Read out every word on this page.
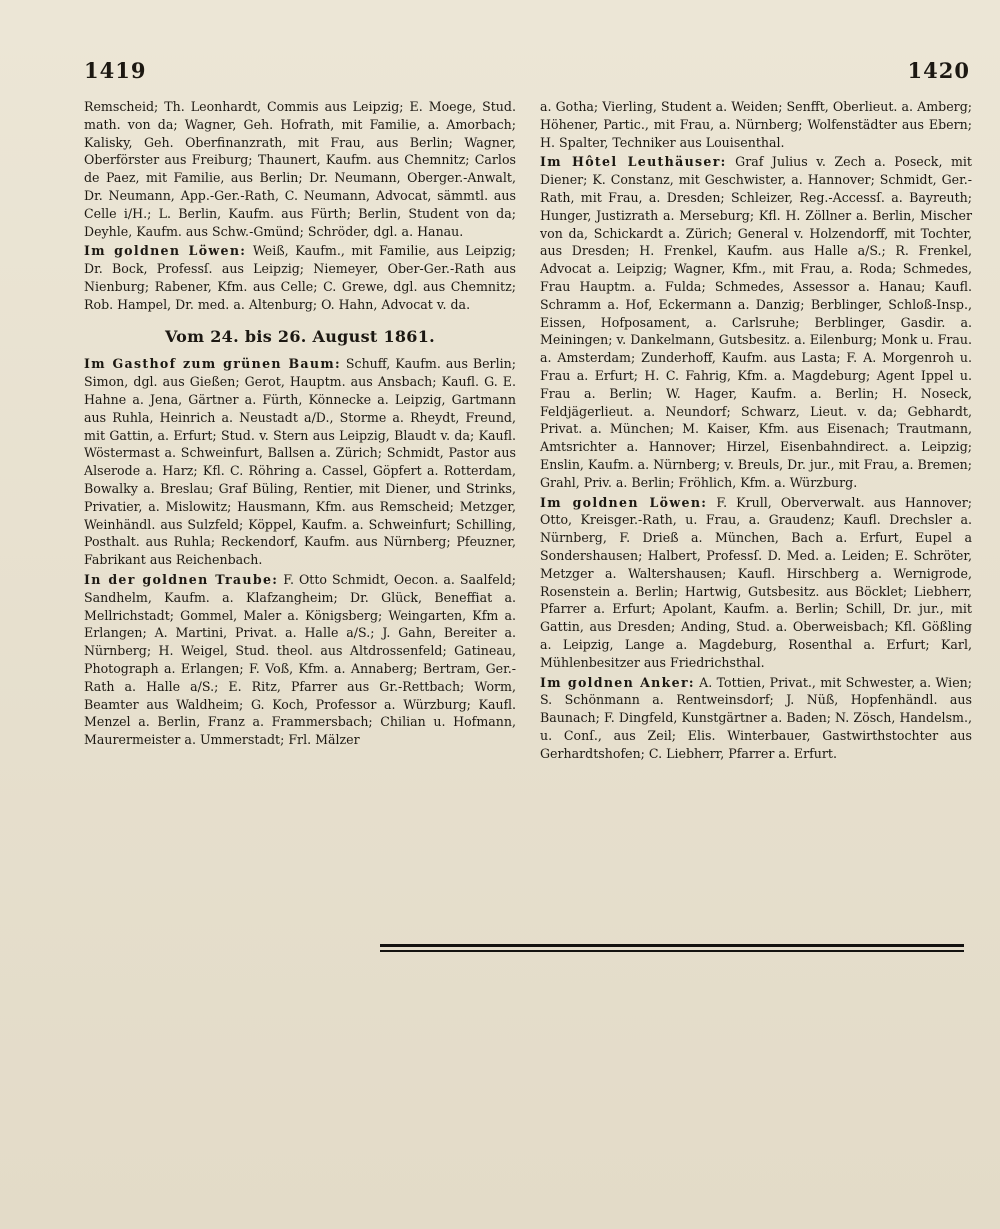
1419	1420

Remscheid; Th. Leonhardt, Commis aus Leipzig; E. Moege, Stud. math. von da; Wagner, Geh. Hofrath, mit Familie, a. Amorbach; Kalisky, Geh. Oberfinanzrath, mit Frau, aus Berlin; Wagner, Oberförster aus Freiburg; Thaunert, Kaufm. aus Chemnitz; Carlos de Paez, mit Familie, aus Berlin; Dr. Neumann, Oberger.-Anwalt, Dr. Neumann, App.-Ger.-Rath, C. Neumann, Advocat, sämmtl. aus Celle i/H.; L. Berlin, Kaufm. aus Fürth; Berlin, Student von da; Deyhle, Kaufm. aus Schw.-Gmünd; Schröder, dgl. a. Hanau.

Im goldnen Löwen: Weiß, Kaufm., mit Familie, aus Leipzig; Dr. Bock, Professſ. aus Leipzig; Niemeyer, Ober-Ger.-Rath aus Nienburg; Rabener, Kfm. aus Celle; C. Grewe, dgl. aus Chemnitz; Rob. Hampel, Dr. med. a. Altenburg; O. Hahn, Advocat v. da.

Vom 24. bis 26. August 1861.

Im Gasthof zum grünen Baum: Schuff, Kaufm. aus Berlin; Simon, dgl. aus Gießen; Gerot, Hauptm. aus Ansbach; Kaufl. G. E. Hahne a. Jena, Gärtner a. Fürth, Könnecke a. Leipzig, Gartmann aus Ruhla, Heinrich a. Neustadt a/D., Storme a. Rheydt, Freund, mit Gattin, a. Erfurt; Stud. v. Stern aus Leipzig, Blaudt v. da; Kaufl. Wöstermast a. Schweinfurt, Ballsen a. Zürich; Schmidt, Pastor aus Alserode a. Harz; Kfl. C. Röhring a. Cassel, Göpfert a. Rotterdam, Bowalky a. Breslau; Graf Büling, Rentier, mit Diener, und Strinks, Privatier, a. Mislowitz; Hausmann, Kfm. aus Remscheid; Metzger, Weinhändl. aus Sulzfeld; Köppel, Kaufm. a. Schweinfurt; Schilling, Posthalt. aus Ruhla; Reckendorf, Kaufm. aus Nürnberg; Pfeuzner, Fabrikant aus Reichenbach.

In der goldnen Traube: F. Otto Schmidt, Oecon. a. Saalfeld; Sandhelm, Kaufm. a. Klafzangheim; Dr. Glück, Beneffiat a. Mellrichstadt; Gommel, Maler a. Königsberg; Weingarten, Kfm a. Erlangen; A. Martini, Privat. a. Halle a/S.; J. Gahn, Bereiter a. Nürnberg; H. Weigel, Stud. theol. aus Altdrossenfeld; Gatineau, Photograph a. Erlangen; F. Voß, Kfm. a. Annaberg; Bertram, Ger.-Rath a. Halle a/S.; E. Ritz, Pfarrer aus Gr.-Rettbach; Worm, Beamter aus Waldheim; G. Koch, Professor a. Würzburg; Kaufl. Menzel a. Berlin, Franz a. Frammersbach; Chilian u. Hofmann, Maurermeister a. Ummerstadt; Frl. Mälzer

a. Gotha; Vierling, Student a. Weiden; Senfft, Oberlieut. a. Amberg; Höhener, Partic., mit Frau, a. Nürnberg; Wolfenstädter aus Ebern; H. Spalter, Techniker aus Louisenthal.

Im Hôtel Leuthäuser: Graf Julius v. Zech a. Poseck, mit Diener; K. Constanz, mit Geschwister, a. Hannover; Schmidt, Ger.-Rath, mit Frau, a. Dresden; Schleizer, Reg.-Accessſ. a. Bayreuth; Hunger, Justizrath a. Merseburg; Kfl. H. Zöllner a. Berlin, Mischer von da, Schickardt a. Zürich; General v. Holzendorff, mit Tochter, aus Dresden; H. Frenkel, Kaufm. aus Halle a/S.; R. Frenkel, Advocat a. Leipzig; Wagner, Kfm., mit Frau, a. Roda; Schmedes, Frau Hauptm. a. Fulda; Schmedes, Assessor a. Hanau; Kaufl. Schramm a. Hof, Eckermann a. Danzig; Berblinger, Schloß-Insp., Eissen, Hofposament, a. Carlsruhe; Berblinger, Gasdir. a. Meiningen; v. Dankelmann, Gutsbesitz. a. Eilenburg; Monk u. Frau. a. Amsterdam; Zunderhoff, Kaufm. aus Lasta; F. A. Morgenroh u. Frau a. Erfurt; H. C. Fahrig, Kfm. a. Magdeburg; Agent Ippel u. Frau a. Berlin; W. Hager, Kaufm. a. Berlin; H. Noseck, Feldjägerlieut. a. Neundorf; Schwarz, Lieut. v. da; Gebhardt, Privat. a. München; M. Kaiser, Kfm. aus Eisenach; Trautmann, Amtsrichter a. Hannover; Hirzel, Eisenbahndirect. a. Leipzig; Enslin, Kaufm. a. Nürnberg; v. Breuls, Dr. jur., mit Frau, a. Bremen; Grahl, Priv. a. Berlin; Fröhlich, Kfm. a. Würzburg.

Im goldnen Löwen: F. Krull, Oberverwalt. aus Hannover; Otto, Kreisger.-Rath, u. Frau, a. Graudenz; Kaufl. Drechsler a. Nürnberg, F. Drieß a. München, Bach a. Erfurt, Eupel a Sondershausen; Halbert, Professſ. D. Med. a. Leiden; E. Schröter, Metzger a. Waltershausen; Kaufl. Hirschberg a. Wernigrode, Rosenstein a. Berlin; Hartwig, Gutsbesitz. aus Böcklet; Liebherr, Pfarrer a. Erfurt; Apolant, Kaufm. a. Berlin; Schill, Dr. jur., mit Gattin, aus Dresden; Anding, Stud. a. Oberweisbach; Kfl. Gößling a. Leipzig, Lange a. Magdeburg, Rosenthal a. Erfurt; Karl, Mühlenbesitzer aus Friedrichsthal.

Im goldnen Anker: A. Tottien, Privat., mit Schwester, a. Wien; S. Schönmann a. Rentweinsdorf; J. Nüß, Hopfenhändl. aus Baunach; F. Dingfeld, Kunstgärtner a. Baden; N. Zösch, Handelsm., u. Conſ., aus Zeil; Elis. Winterbauer, Gastwirthstochter aus Gerhardtshofen; C. Liebherr, Pfarrer a. Erfurt.
